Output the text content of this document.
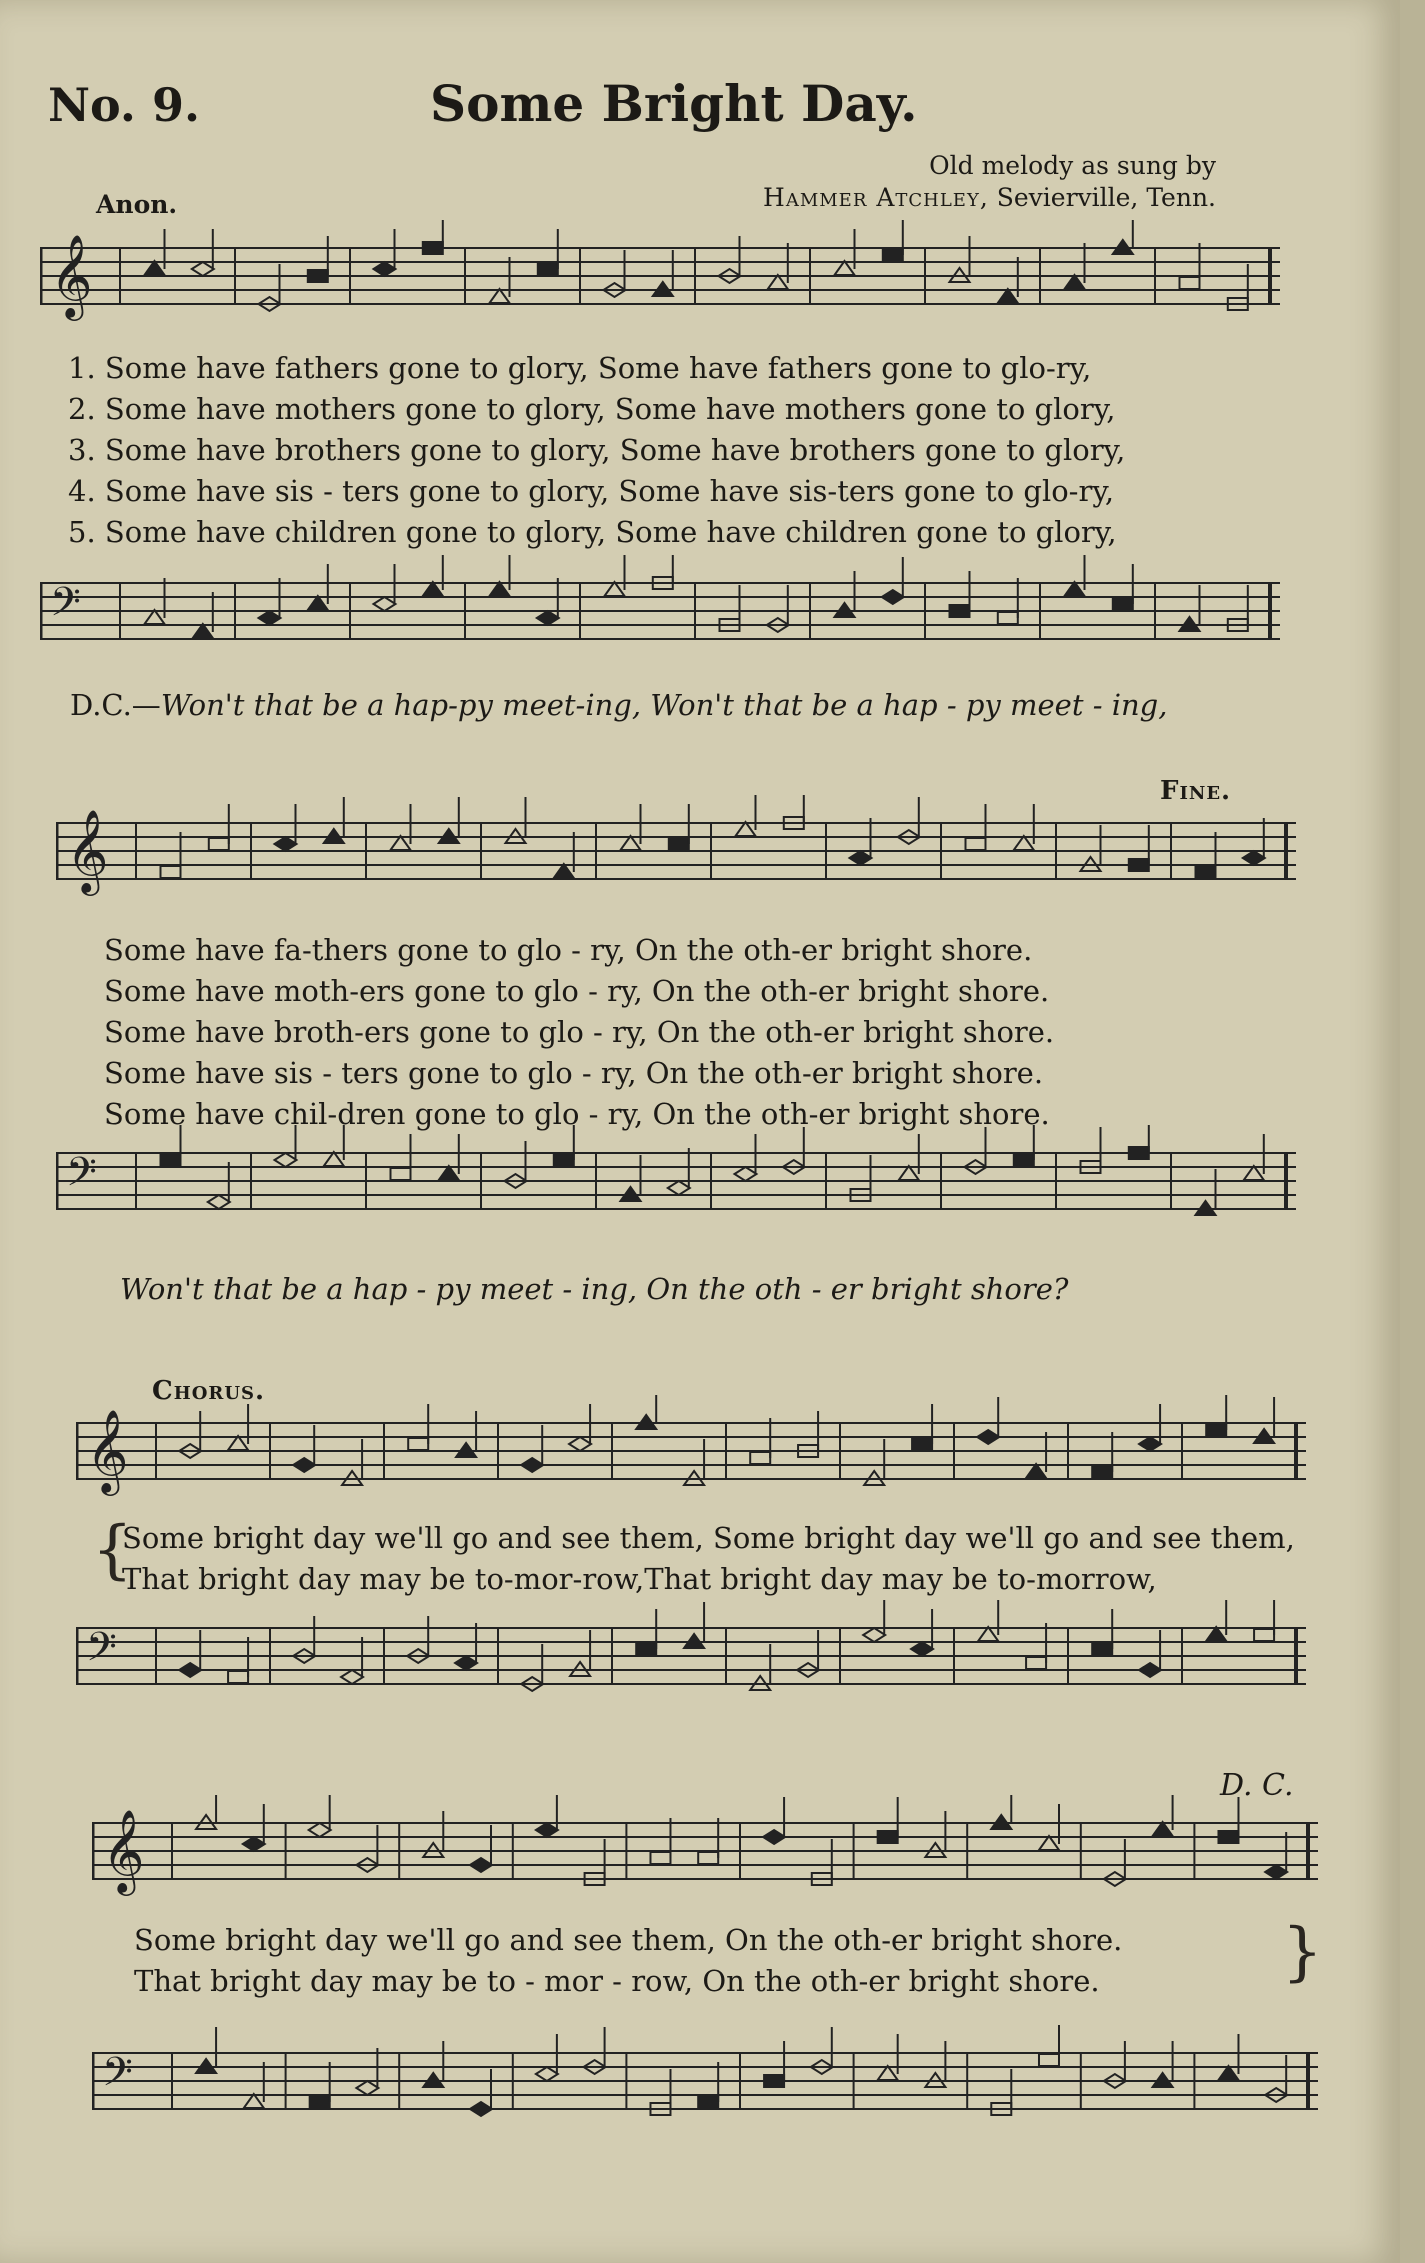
No. 9.	Some Bright Day.
Old melody as sung by
Hammer Atchley, Sevierville, Tenn.
Anon.
𝄞
𝄢
𝄞
𝄢
𝄞
𝄢
𝄞
𝄢
1. Some have fathers gone to glory, Some have fathers gone to glo-ry,
2. Some have mothers gone to glory, Some have mothers gone to glory,
3. Some have brothers gone to glory, Some have brothers gone to glory,
4. Some have sis - ters gone to glory, Some have sis-ters gone to glo-ry,
5. Some have children gone to glory, Some have children gone to glory,
D.C.—Won't that be a hap-py meet-ing, Won't that be a hap - py meet - ing,
Fine.
Some have fa-thers gone to glo - ry, On the oth-er bright shore.
Some have moth-ers gone to glo - ry, On the oth-er bright shore.
Some have broth-ers gone to glo - ry, On the oth-er bright shore.
Some have sis - ters gone to glo - ry, On the oth-er bright shore.
Some have chil-dren gone to glo - ry, On the oth-er bright shore.
Won't that be a hap - py meet - ing, On the oth - er bright shore?
Chorus.
{
Some bright day we'll go and see them, Some bright day we'll go and see them,
That bright day may be to-mor-row,That bright day may be to-morrow,
D. C.
Some bright day we'll go and see them, On the oth-er bright shore.
That bright day may be to - mor - row, On the oth-er bright shore.	}
